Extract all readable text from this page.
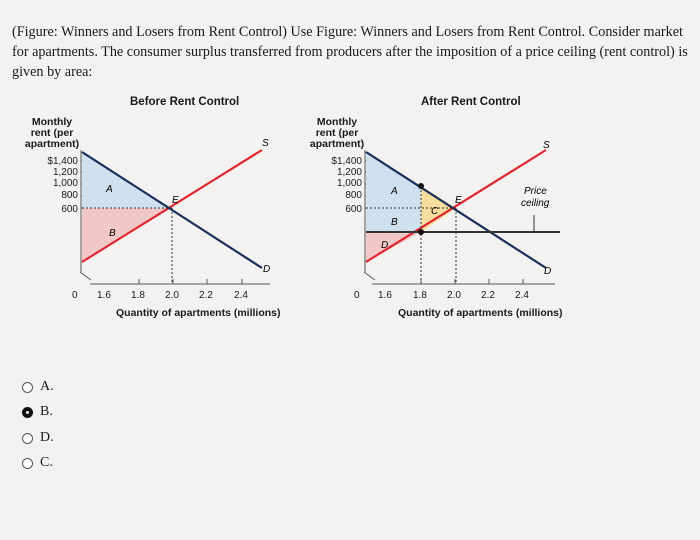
(Figure: Winners and Losers from Rent Control) Use Figure: Winners and Losers from Rent Control. Consider market for apartments. The consumer surplus transferred from producers after the imposition of a price ceiling (rent control) is given by area:
Before Rent Control
Monthly
rent (per
apartment)
$1,400
1,200
1,000
800
600
0 1.6 1.8 2.0 2.2 2.4
Quantity of apartments (millions)
After Rent Control
Monthly
rent (per
apartment)
$1,400
1,200
1,000
800
600
0 1.6 1.8 2.0 2.2 2.4
Quantity of apartments (millions)
A
B
E
S
D
A
B
C
D
E
S
D
Price
ceiling
A.
B.
D.
C.
